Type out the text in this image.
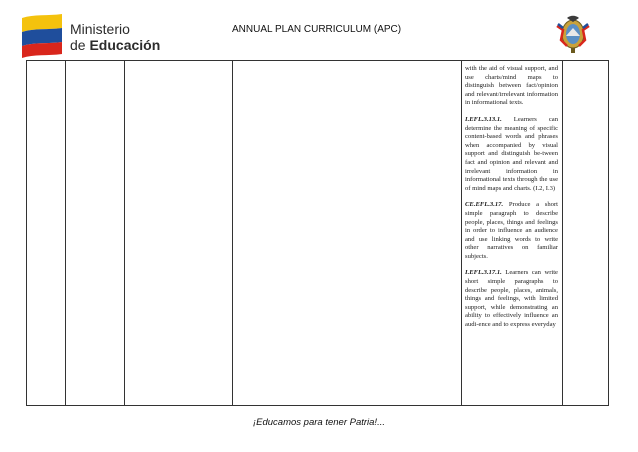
Ministerio
de Educación
ANNUAL PLAN CURRICULUM (APC)

with the aid of visual support, and use charts/mind maps to distinguish between fact/opinion and relevant/irrelevant information in informational texts.

I.EFL.3.13.1. Learners can determine the meaning of specific content-based words and phrases when accompanied by visual support and distinguish be-tween fact and opinion and relevant and irrelevant information in informational texts through the use of mind maps and charts. (I.2, I.3)

CE.EFL.3.17. Produce a short simple paragraph to describe people, places, things and feelings in order to influence an audience and use linking words to write other narratives on familiar subjects.

I.EFL.3.17.1. Learners can write short simple paragraphs to describe people, places, animals, things and feelings, with limited support, while demonstrating an ability to effectively influence an audi-ence and to express everyday

¡Educamos para tener Patria!...
